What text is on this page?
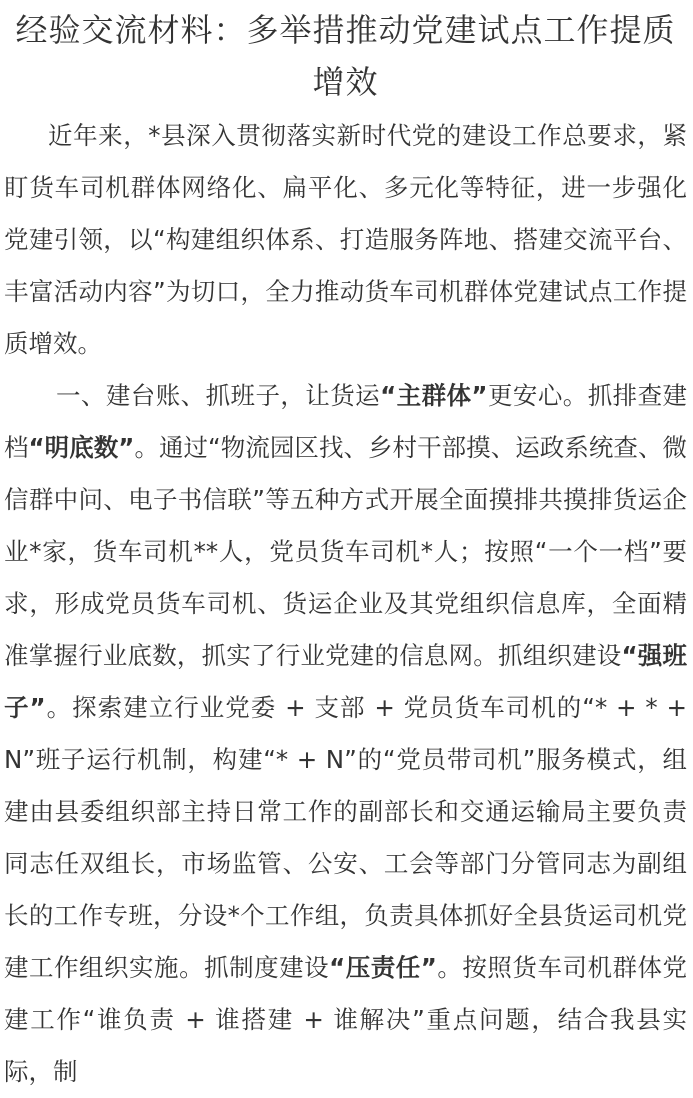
经验交流材料：多举措推动党建试点工作提质增效

近年来，*县深入贯彻落实新时代党的建设工作总要求，紧盯货车司机群体网络化、扁平化、多元化等特征，进一步强化党建引领，以“构建组织体系、打造服务阵地、搭建交流平台、丰富活动内容”为切口，全力推动货车司机群体党建试点工作提质增效。

一、建台账、抓班子，让货运“主群体”更安心。抓排查建档“明底数”。通过“物流园区找、乡村干部摸、运政系统查、微信群中问、电子书信联”等五种方式开展全面摸排共摸排货运企业*家，货车司机**人，党员货车司机*人；按照“一个一档”要求，形成党员货车司机、货运企业及其党组织信息库，全面精准掌握行业底数，抓实了行业党建的信息网。抓组织建设“强班子”。探索建立行业党委 + 支部 + 党员货车司机的“* + * + N”班子运行机制，构建“* + N”的“党员带司机”服务模式，组建由县委组织部主持日常工作的副部长和交通运输局主要负责同志任双组长，市场监管、公安、工会等部门分管同志为副组长的工作专班，分设*个工作组，负责具体抓好全县货运司机党建工作组织实施。抓制度建设“压责任”。按照货车司机群体党建工作“谁负责 + 谁搭建 + 谁解决”重点问题，结合我县实际，制
